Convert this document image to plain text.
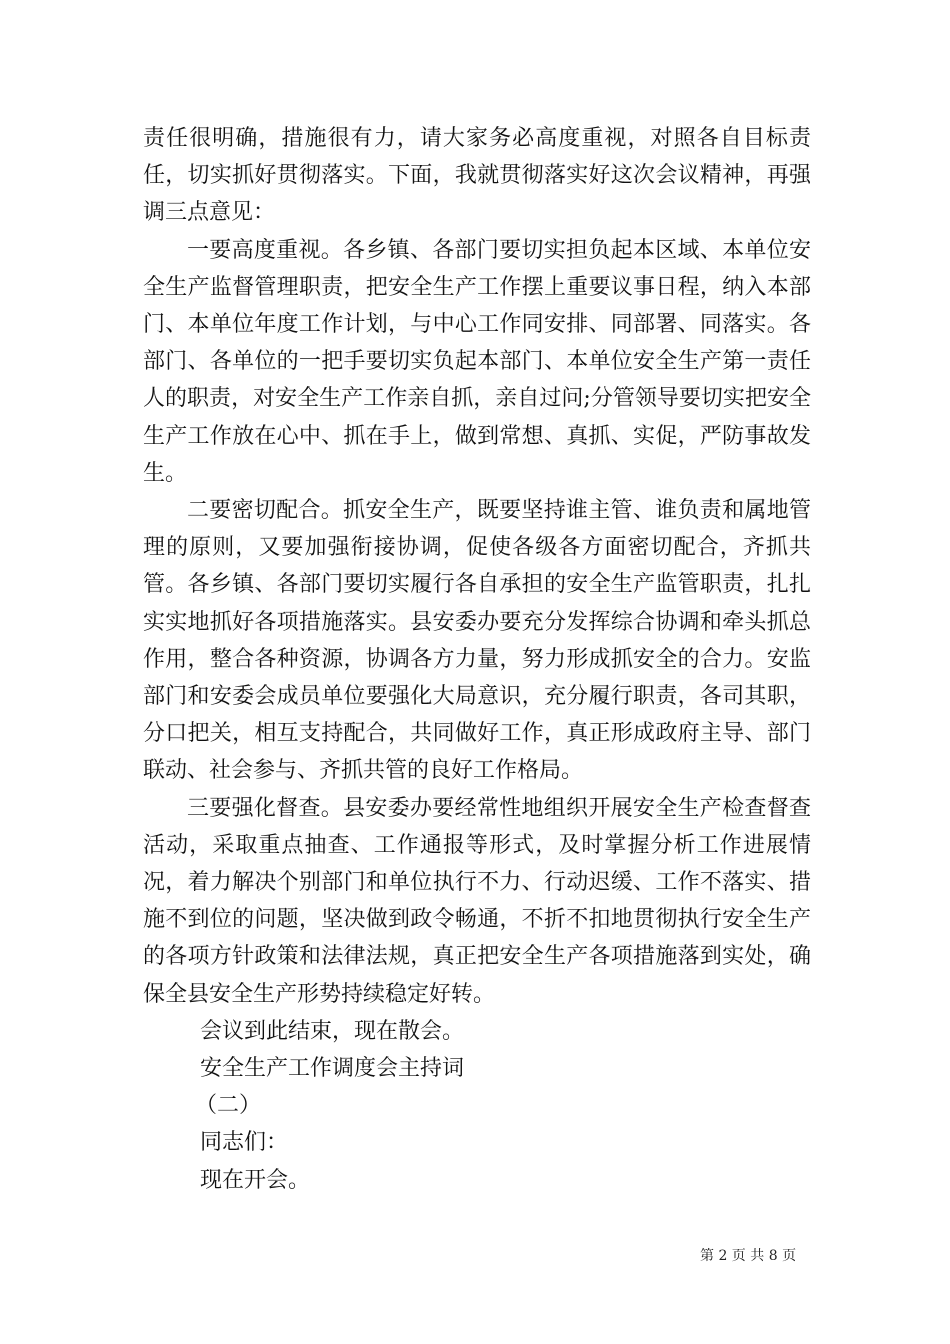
责任很明确，措施很有力，请大家务必高度重视，对照各自目标责任，切实抓好贯彻落实。下面，我就贯彻落实好这次会议精神，再强调三点意见：

一要高度重视。各乡镇、各部门要切实担负起本区域、本单位安全生产监督管理职责，把安全生产工作摆上重要议事日程，纳入本部门、本单位年度工作计划，与中心工作同安排、同部署、同落实。各部门、各单位的一把手要切实负起本部门、本单位安全生产第一责任人的职责，对安全生产工作亲自抓，亲自过问;分管领导要切实把安全生产工作放在心中、抓在手上，做到常想、真抓、实促，严防事故发生。

二要密切配合。抓安全生产，既要坚持谁主管、谁负责和属地管理的原则，又要加强衔接协调，促使各级各方面密切配合，齐抓共管。各乡镇、各部门要切实履行各自承担的安全生产监管职责，扎扎实实地抓好各项措施落实。县安委办要充分发挥综合协调和牵头抓总作用，整合各种资源，协调各方力量，努力形成抓安全的合力。安监部门和安委会成员单位要强化大局意识，充分履行职责，各司其职，分口把关，相互支持配合，共同做好工作，真正形成政府主导、部门联动、社会参与、齐抓共管的良好工作格局。

三要强化督查。县安委办要经常性地组织开展安全生产检查督查活动，采取重点抽查、工作通报等形式，及时掌握分析工作进展情况，着力解决个别部门和单位执行不力、行动迟缓、工作不落实、措施不到位的问题，坚决做到政令畅通，不折不扣地贯彻执行安全生产的各项方针政策和法律法规，真正把安全生产各项措施落到实处，确保全县安全生产形势持续稳定好转。

会议到此结束，现在散会。

安全生产工作调度会主持词

（二）

同志们：

现在开会。

第 2 页 共 8 页
